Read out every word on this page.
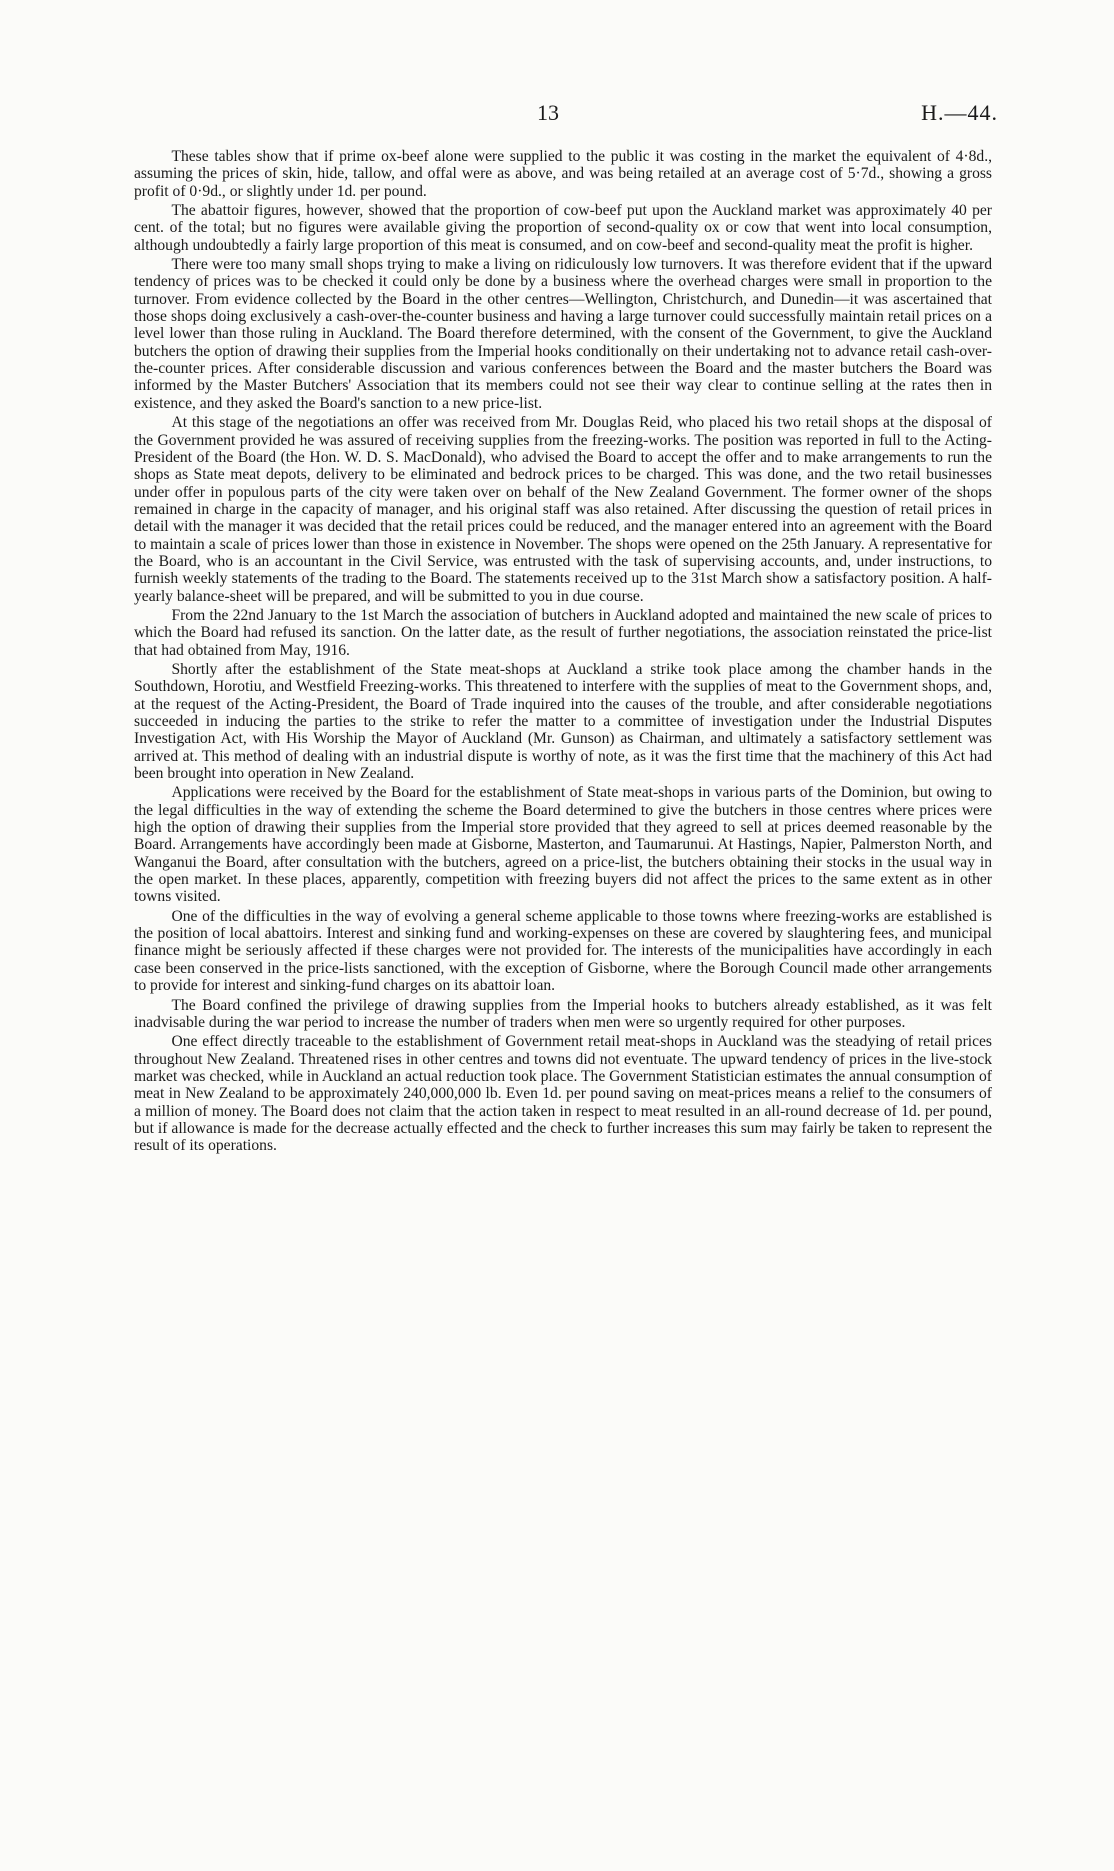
13	H.—44.

These tables show that if prime ox-beef alone were supplied to the public it was costing in the market the equivalent of 4·8d., assuming the prices of skin, hide, tallow, and offal were as above, and was being retailed at an average cost of 5·7d., showing a gross profit of 0·9d., or slightly under 1d. per pound.

The abattoir figures, however, showed that the proportion of cow-beef put upon the Auckland market was approximately 40 per cent. of the total; but no figures were available giving the proportion of second-quality ox or cow that went into local consumption, although undoubtedly a fairly large proportion of this meat is consumed, and on cow-beef and second-quality meat the profit is higher.

There were too many small shops trying to make a living on ridiculously low turnovers. It was therefore evident that if the upward tendency of prices was to be checked it could only be done by a business where the overhead charges were small in proportion to the turnover. From evidence collected by the Board in the other centres—Wellington, Christchurch, and Dunedin—it was ascertained that those shops doing exclusively a cash-over-the-counter business and having a large turnover could successfully maintain retail prices on a level lower than those ruling in Auckland. The Board therefore determined, with the consent of the Government, to give the Auckland butchers the option of drawing their supplies from the Imperial hooks conditionally on their undertaking not to advance retail cash-over-the-counter prices. After considerable discussion and various conferences between the Board and the master butchers the Board was informed by the Master Butchers' Association that its members could not see their way clear to continue selling at the rates then in existence, and they asked the Board's sanction to a new price-list.

At this stage of the negotiations an offer was received from Mr. Douglas Reid, who placed his two retail shops at the disposal of the Government provided he was assured of receiving supplies from the freezing-works. The position was reported in full to the Acting-President of the Board (the Hon. W. D. S. MacDonald), who advised the Board to accept the offer and to make arrangements to run the shops as State meat depots, delivery to be eliminated and bedrock prices to be charged. This was done, and the two retail businesses under offer in populous parts of the city were taken over on behalf of the New Zealand Government. The former owner of the shops remained in charge in the capacity of manager, and his original staff was also retained. After discussing the question of retail prices in detail with the manager it was decided that the retail prices could be reduced, and the manager entered into an agreement with the Board to maintain a scale of prices lower than those in existence in November. The shops were opened on the 25th January. A representative for the Board, who is an accountant in the Civil Service, was entrusted with the task of supervising accounts, and, under instructions, to furnish weekly statements of the trading to the Board. The statements received up to the 31st March show a satisfactory position. A half-yearly balance-sheet will be prepared, and will be submitted to you in due course.

From the 22nd January to the 1st March the association of butchers in Auckland adopted and maintained the new scale of prices to which the Board had refused its sanction. On the latter date, as the result of further negotiations, the association reinstated the price-list that had obtained from May, 1916.

Shortly after the establishment of the State meat-shops at Auckland a strike took place among the chamber hands in the Southdown, Horotiu, and Westfield Freezing-works. This threatened to interfere with the supplies of meat to the Government shops, and, at the request of the Acting-President, the Board of Trade inquired into the causes of the trouble, and after considerable negotiations succeeded in inducing the parties to the strike to refer the matter to a committee of investigation under the Industrial Disputes Investigation Act, with His Worship the Mayor of Auckland (Mr. Gunson) as Chairman, and ultimately a satisfactory settlement was arrived at. This method of dealing with an industrial dispute is worthy of note, as it was the first time that the machinery of this Act had been brought into operation in New Zealand.

Applications were received by the Board for the establishment of State meat-shops in various parts of the Dominion, but owing to the legal difficulties in the way of extending the scheme the Board determined to give the butchers in those centres where prices were high the option of drawing their supplies from the Imperial store provided that they agreed to sell at prices deemed reasonable by the Board. Arrangements have accordingly been made at Gisborne, Masterton, and Taumarunui. At Hastings, Napier, Palmerston North, and Wanganui the Board, after consultation with the butchers, agreed on a price-list, the butchers obtaining their stocks in the usual way in the open market. In these places, apparently, competition with freezing buyers did not affect the prices to the same extent as in other towns visited.

One of the difficulties in the way of evolving a general scheme applicable to those towns where freezing-works are established is the position of local abattoirs. Interest and sinking fund and working-expenses on these are covered by slaughtering fees, and municipal finance might be seriously affected if these charges were not provided for. The interests of the municipalities have accordingly in each case been conserved in the price-lists sanctioned, with the exception of Gisborne, where the Borough Council made other arrangements to provide for interest and sinking-fund charges on its abattoir loan.

The Board confined the privilege of drawing supplies from the Imperial hooks to butchers already established, as it was felt inadvisable during the war period to increase the number of traders when men were so urgently required for other purposes.

One effect directly traceable to the establishment of Government retail meat-shops in Auckland was the steadying of retail prices throughout New Zealand. Threatened rises in other centres and towns did not eventuate. The upward tendency of prices in the live-stock market was checked, while in Auckland an actual reduction took place. The Government Statistician estimates the annual consumption of meat in New Zealand to be approximately 240,000,000 lb. Even 1d. per pound saving on meat-prices means a relief to the consumers of a million of money. The Board does not claim that the action taken in respect to meat resulted in an all-round decrease of 1d. per pound, but if allowance is made for the decrease actually effected and the check to further increases this sum may fairly be taken to represent the result of its operations.
